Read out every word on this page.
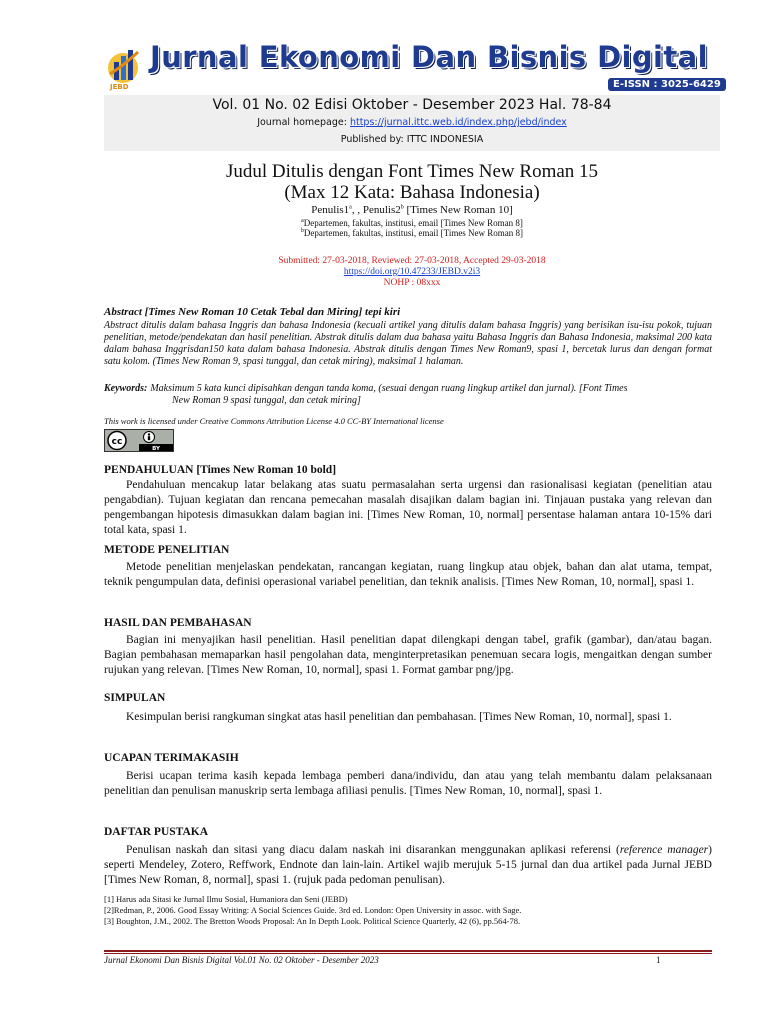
JEBD
Jurnal Ekonomi Dan Bisnis Digital
E-ISSN : 3025-6429
Vol. 01 No. 02 Edisi Oktober - Desember 2023 Hal. 78-84
Journal homepage: https://jurnal.ittc.web.id/index.php/jebd/index
Published by: ITTC INDONESIA
Judul Ditulis dengan Font Times New Roman 15
(Max 12 Kata: Bahasa Indonesia)
Penulis1$^a$, , Penulis2$^b$ [Times New Roman 10]
$^a$Departemen, fakultas, institusi, email [Times New Roman 8]
$^b$Departemen, fakultas, institusi, email [Times New Roman 8]
Submitted: 27-03-2018, Reviewed: 27-03-2018, Accepted 29-03-2018
https://doi.org/10.47233/JEBD.v2i3
NOHP : 08xxx
Abstract [Times New Roman 10 Cetak Tebal dan Miring] tepi kiri
Abstract ditulis dalam bahasa Inggris dan bahasa Indonesia (kecuali artikel yang ditulis dalam bahasa Inggris) yang berisikan isu-isu pokok, tujuan penelitian, metode/pendekatan dan hasil penelitian. Abstrak ditulis dalam dua bahasa yaitu Bahasa Inggris dan Bahasa Indonesia, maksimal 200 kata dalam bahasa Inggrisdan150 kata dalam bahasa Indonesia. Abstrak ditulis dengan Times New Roman9, spasi 1, bercetak lurus dan dengan format satu kolom. (Times New Roman 9, spasi tunggal, dan cetak miring), maksimal 1 halaman.
Keywords: Maksimum 5 kata kunci dipisahkan dengan tanda koma, (sesuai dengan ruang lingkup artikel dan jurnal). [Font Times
New Roman 9 spasi tunggal, dan cetak miring]
This work is licensed under Creative Commons Attribution License 4.0 CC-BY International license
cc
BY
PENDAHULUAN [Times New Roman 10 bold]
Pendahuluan mencakup latar belakang atas suatu permasalahan serta urgensi dan rasionalisasi kegiatan (penelitian atau pengabdian). Tujuan kegiatan dan rencana pemecahan masalah disajikan dalam bagian ini. Tinjauan pustaka yang relevan dan pengembangan hipotesis dimasukkan dalam bagian ini. [Times New Roman, 10, normal] persentase halaman antara 10-15% dari total kata, spasi 1.
METODE PENELITIAN
Metode penelitian menjelaskan pendekatan, rancangan kegiatan, ruang lingkup atau objek, bahan dan alat utama, tempat, teknik pengumpulan data, definisi operasional variabel penelitian, dan teknik analisis. [Times New Roman, 10, normal], spasi 1.
HASIL DAN PEMBAHASAN
Bagian ini menyajikan hasil penelitian. Hasil penelitian dapat dilengkapi dengan tabel, grafik (gambar), dan/atau bagan. Bagian pembahasan memaparkan hasil pengolahan data, menginterpretasikan penemuan secara logis, mengaitkan dengan sumber rujukan yang relevan. [Times New Roman, 10, normal], spasi 1. Format gambar png/jpg.
SIMPULAN
Kesimpulan berisi rangkuman singkat atas hasil penelitian dan pembahasan. [Times New Roman, 10, normal], spasi 1.
UCAPAN TERIMAKASIH
Berisi ucapan terima kasih kepada lembaga pemberi dana/individu, dan atau yang telah membantu dalam pelaksanaan penelitian dan penulisan manuskrip serta lembaga afiliasi penulis. [Times New Roman, 10, normal], spasi 1.
DAFTAR PUSTAKA
Penulisan naskah dan sitasi yang diacu dalam naskah ini disarankan menggunakan aplikasi referensi (reference manager) seperti Mendeley, Zotero, Reffwork, Endnote dan lain-lain. Artikel wajib merujuk 5-15 jurnal dan dua artikel pada Jurnal JEBD [Times New Roman, 8, normal], spasi 1. (rujuk pada pedoman penulisan).
[1] Harus ada Sitasi ke Jurnal Ilmu Sosial, Humaniora dan Seni (JEBD)
[2]Redman, P., 2006. Good Essay Writing: A Social Sciences Guide. 3rd ed. London: Open University in assoc. with Sage.
[3] Boughton, J.M., 2002. The Bretton Woods Proposal: An In Depth Look. Political Science Quarterly, 42 (6), pp.564-78.
Jurnal Ekonomi Dan Bisnis Digital Vol.01 No. 02 Oktober - Desember 2023	1
